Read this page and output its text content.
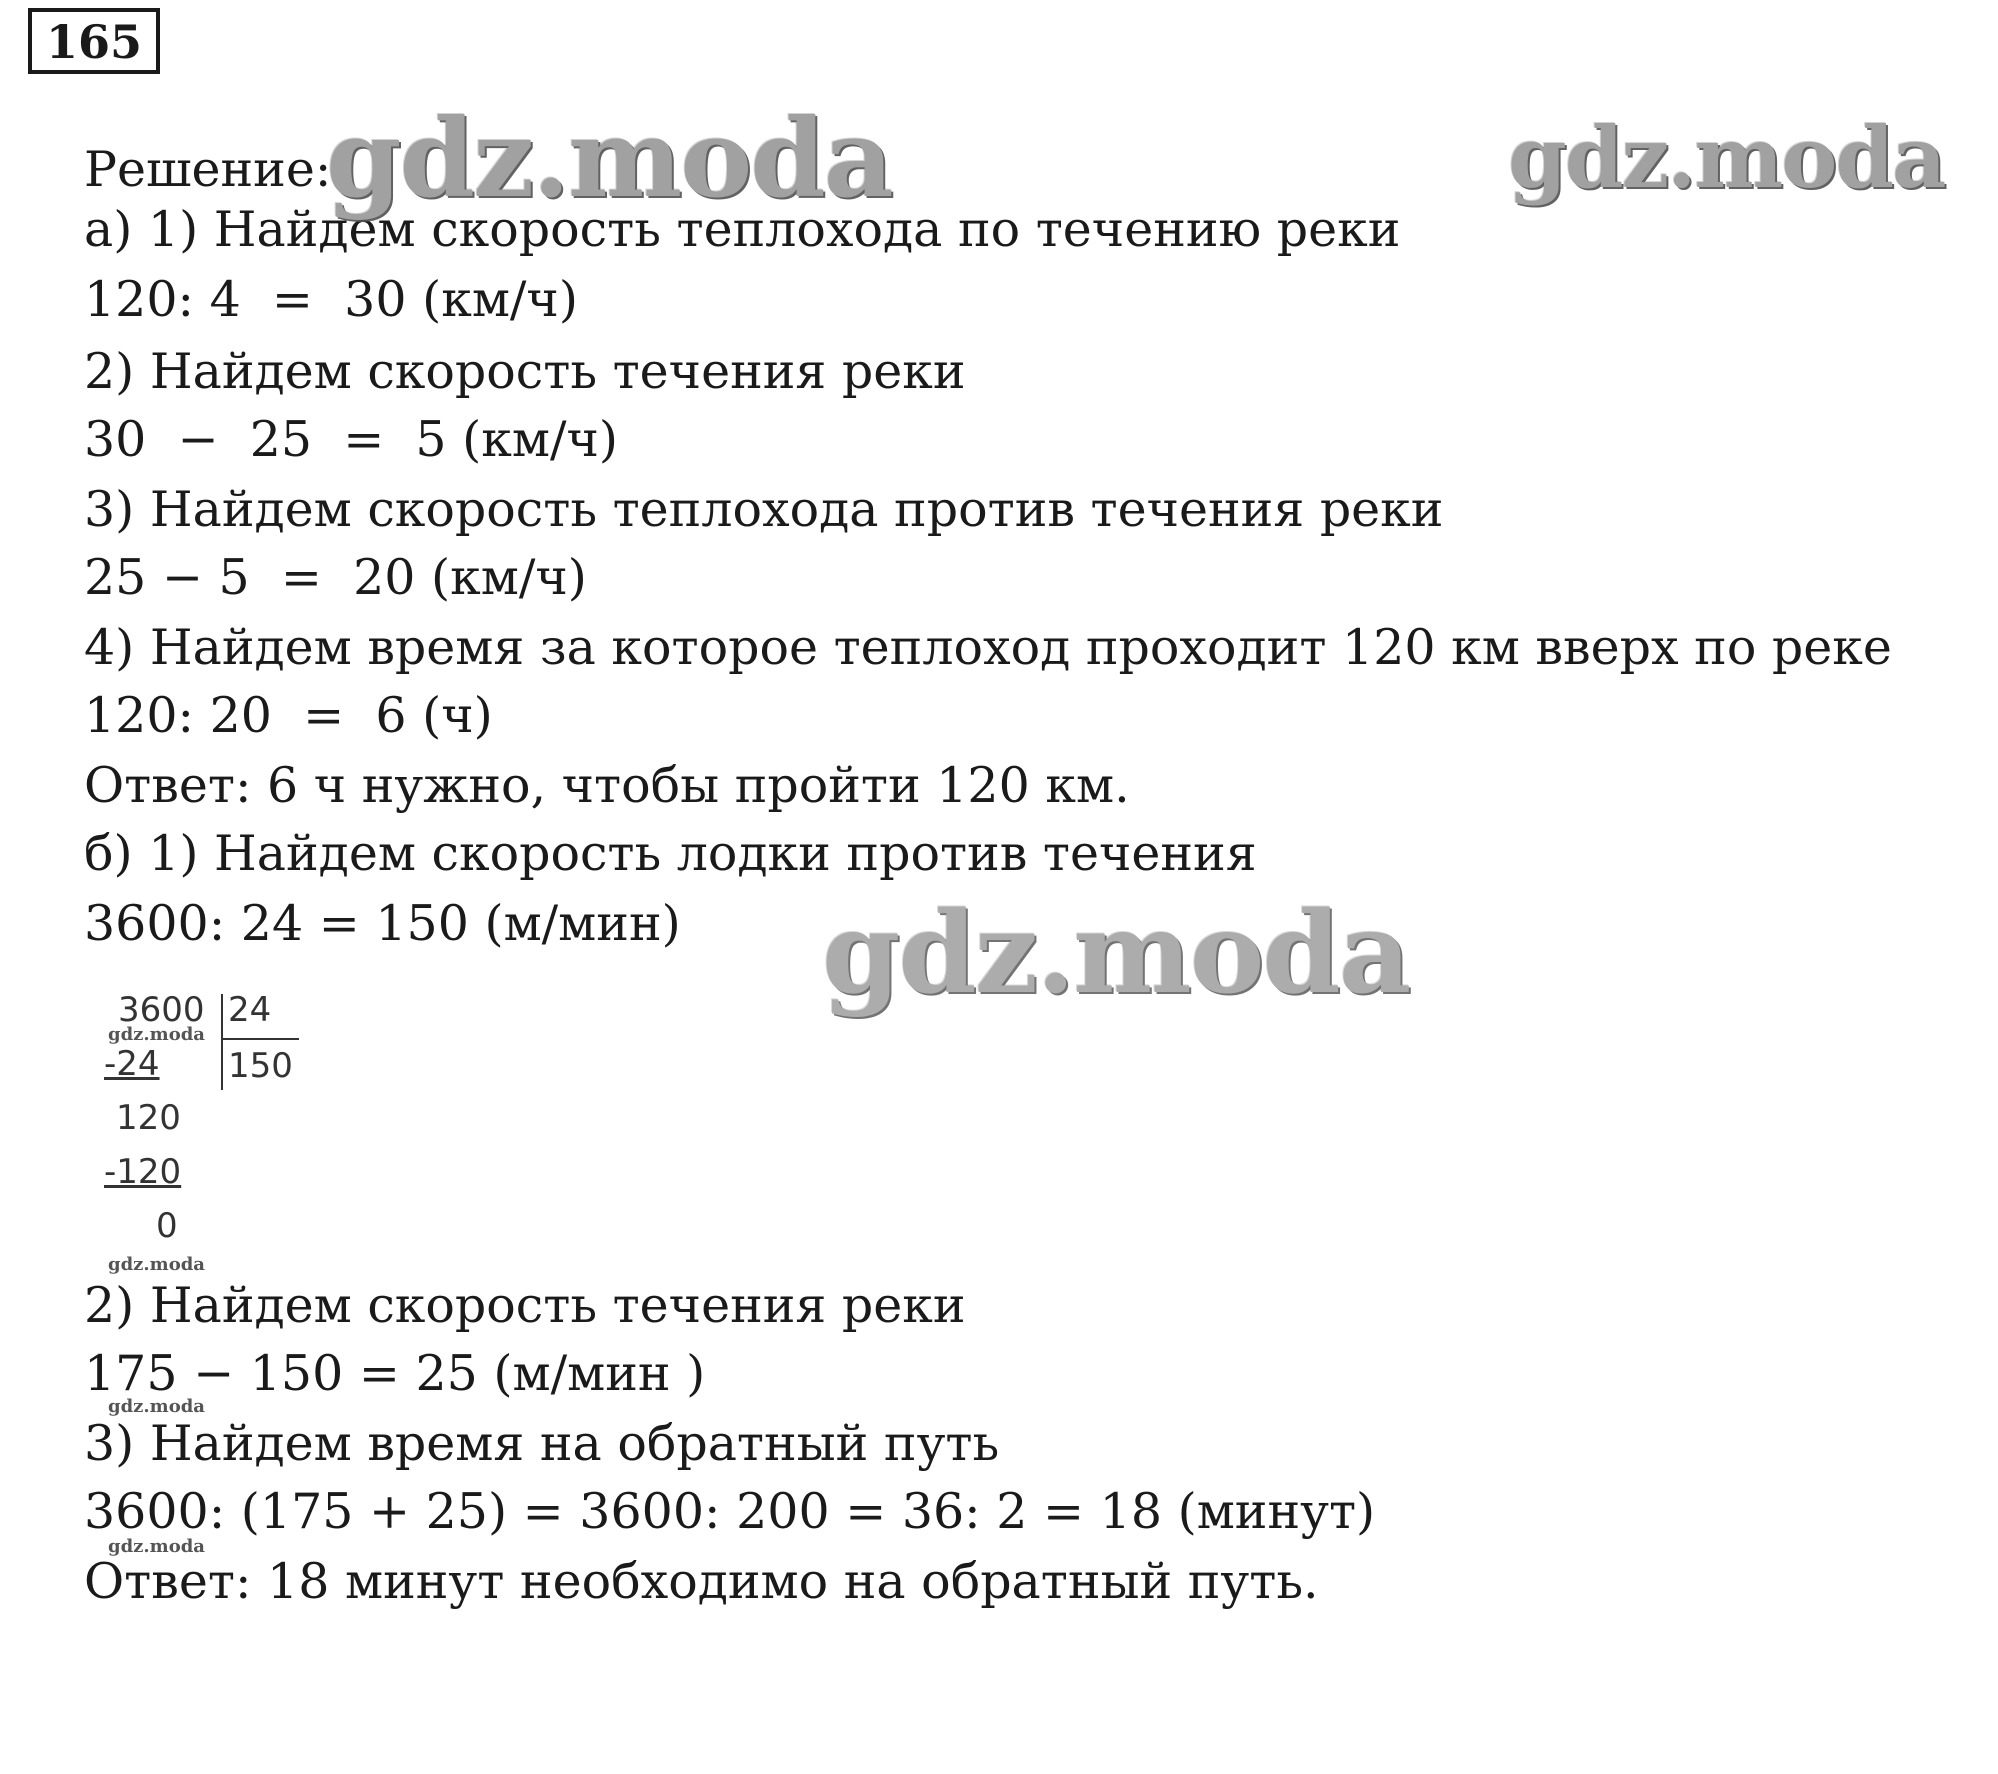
165
Решение:
а) 1) Найдем скорость теплохода по течению реки
120: 4  =  30 (км/ч)
2) Найдем скорость течения реки
30  −  25  =  5 (км/ч)
3) Найдем скорость теплохода против течения реки
25 − 5  =  20 (км/ч)
4) Найдем время за которое теплоход проходит 120 км вверх по реке
120: 20  =  6 (ч)
Ответ: 6 ч нужно, чтобы пройти 120 км.
б) 1) Найдем скорость лодки против течения
3600: 24 = 150 (м/мин)
3600 24
150
-24
120
-120
0
2) Найдем скорость течения реки
175 − 150 = 25 (м/мин )
3) Найдем время на обратный путь
3600: (175 + 25) = 3600: 200 = 36: 2 = 18 (минут)
Ответ: 18 минут необходимо на обратный путь.
gdz.moda	gdz.moda
gdz.moda
gdz.moda
gdz.moda
gdz.moda
gdz.moda
